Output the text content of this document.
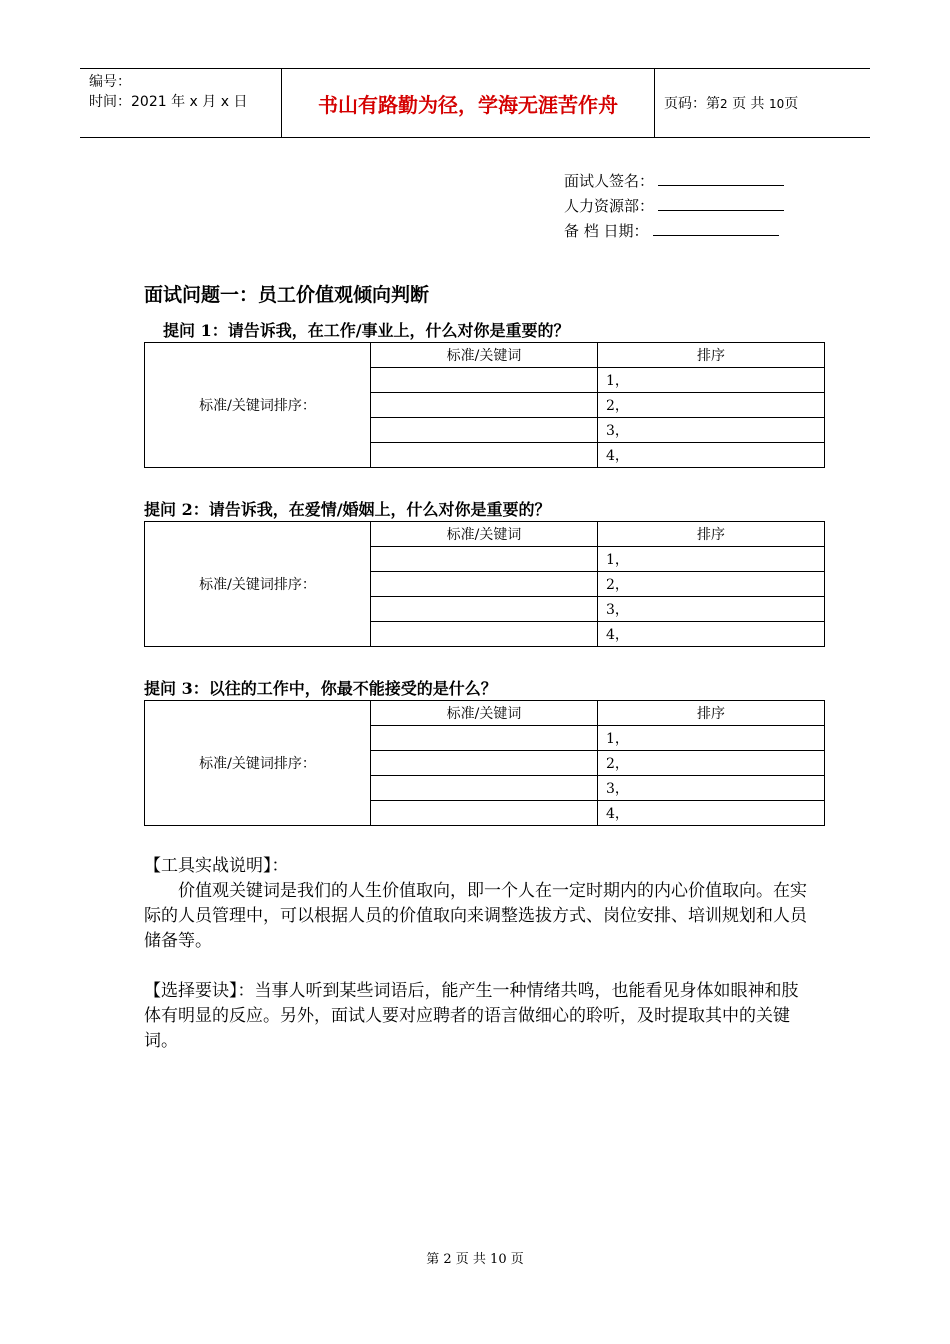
编号：
时间：2021 年 x 月 x 日	书山有路勤为径，学海无涯苦作舟	页码：第2 页 共 10页
面试人签名：
人力资源部：
备 档 日期：
面试问题一：员工价值观倾向判断
提问 1：请告诉我，在工作/事业上，什么对你是重要的？
标准/关键词排序：	标准/关键词	排序
		1，
		2，
		3，
		4，
提问 2：请告诉我，在爱情/婚姻上，什么对你是重要的？
标准/关键词排序：	标准/关键词	排序
		1，
		2，
		3，
		4，
提问 3：以往的工作中，你最不能接受的是什么？
标准/关键词排序：	标准/关键词	排序
		1，
		2，
		3，
		4，
【工具实战说明】：
价值观关键词是我们的人生价值取向，即一个人在一定时期内的内心价值取向。在实际的人员管理中，可以根据人员的价值取向来调整选拔方式、岗位安排、培训规划和人员储备等。
【选择要诀】：当事人听到某些词语后，能产生一种情绪共鸣，也能看见身体如眼神和肢体有明显的反应。另外，面试人要对应聘者的语言做细心的聆听，及时提取其中的关键词。
第 2 页 共 10 页
